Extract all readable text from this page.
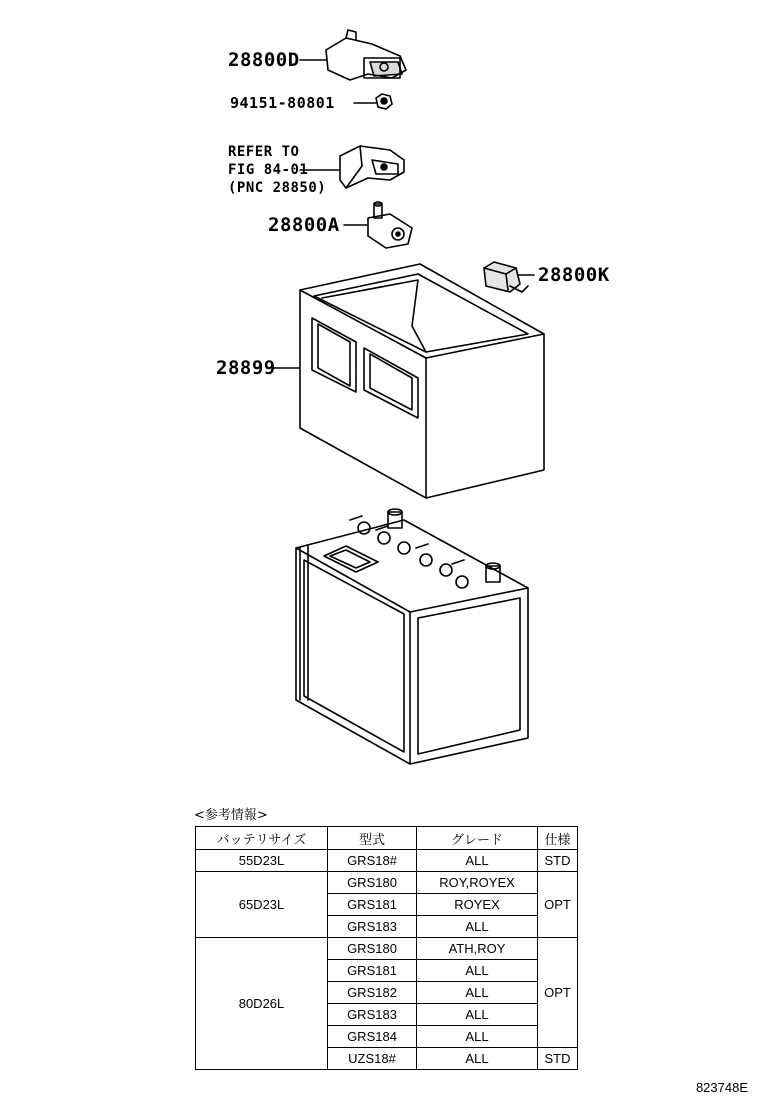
28800D
94151-80801
REFER TO
FIG 84-01
(PNC 28850)
28800A
28800K
28899
<参考情報>
バッテリサイズ	型式	グレード	仕様
55D23L	GRS18#	ALL	STD
65D23L	GRS180	ROY,ROYEX	OPT
	GRS181	ROYEX	
	GRS183	ALL	
80D26L	GRS180	ATH,ROY	OPT
	GRS181	ALL	
	GRS182	ALL	
	GRS183	ALL	
	GRS184	ALL	
	UZS18#	ALL	STD
823748E
